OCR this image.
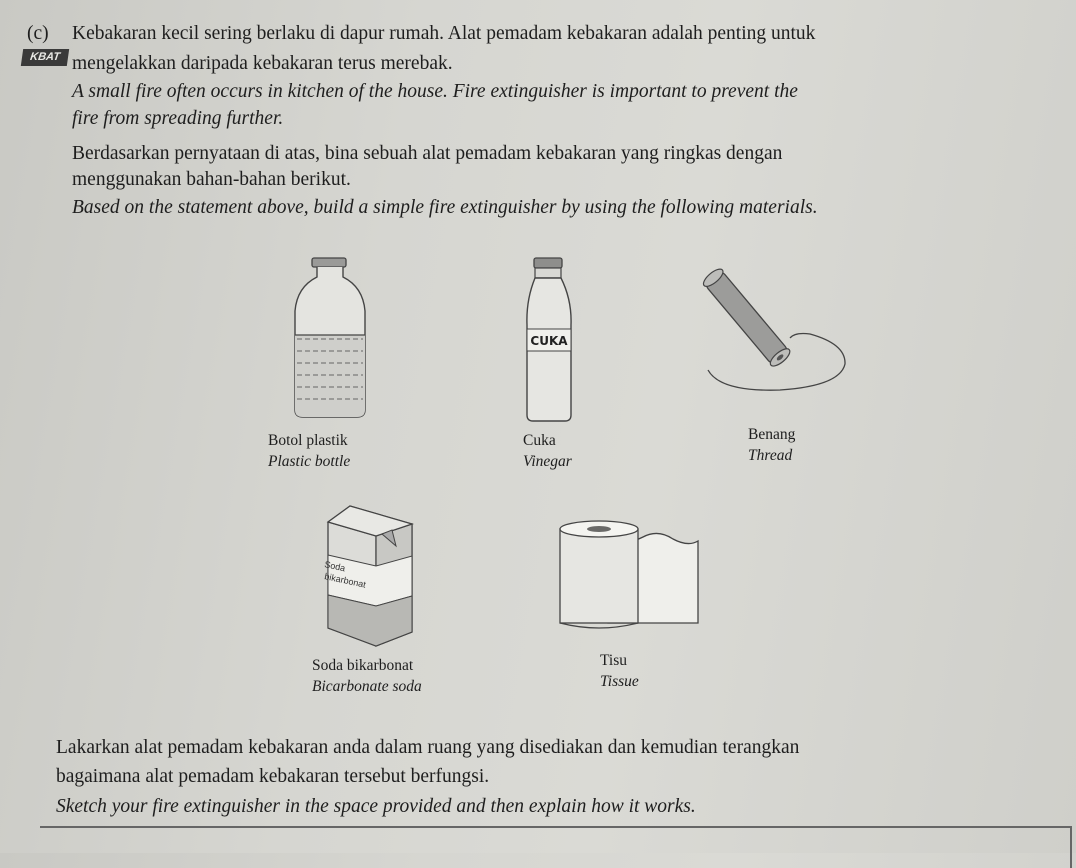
(c) Kebakaran kecil sering berlaku di dapur rumah. Alat pemadam kebakaran adalah penting untuk
KBAT mengelakkan daripada kebakaran terus merebak.
A small fire often occurs in kitchen of the house. Fire extinguisher is important to prevent the
fire from spreading further.
Berdasarkan pernyataan di atas, bina sebuah alat pemadam kebakaran yang ringkas dengan
menggunakan bahan-bahan berikut.
Based on the statement above, build a simple fire extinguisher by using the following materials.
Botol plastik
Plastic bottle
CUKA
Cuka
Vinegar
Benang
Thread
Soda
bikarbonat
Soda bikarbonat
Bicarbonate soda
Tisu
Tissue
Lakarkan alat pemadam kebakaran anda dalam ruang yang disediakan dan kemudian terangkan
bagaimana alat pemadam kebakaran tersebut berfungsi.
Sketch your fire extinguisher in the space provided and then explain how it works.
